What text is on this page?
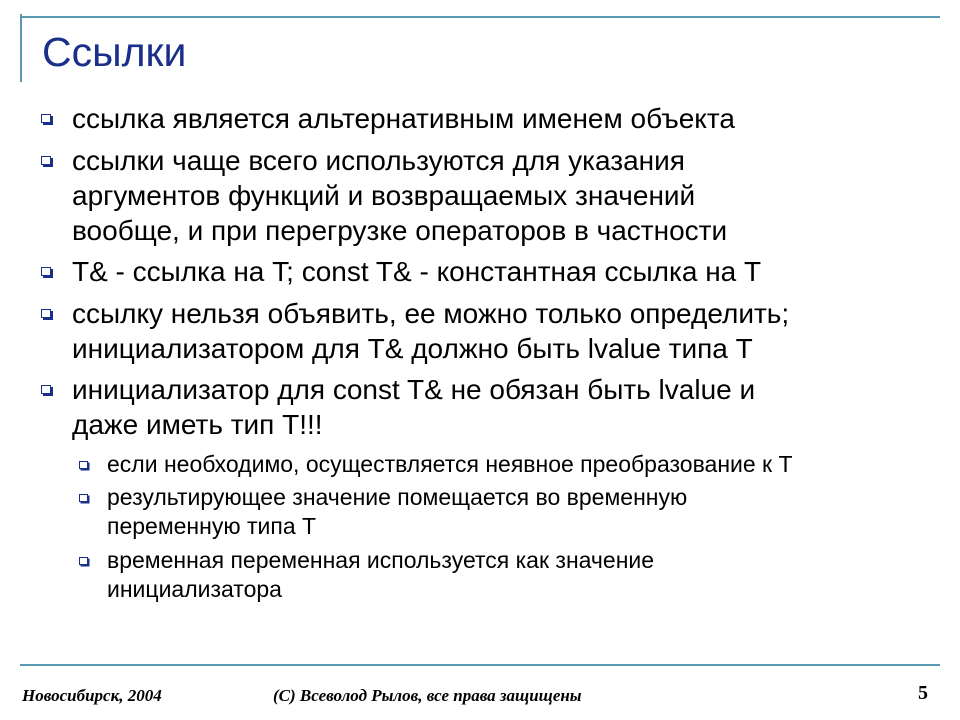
Ссылки
ссылка является альтернативным именем объекта
ссылки чаще всего используются для указания
аргументов функций и возвращаемых значений
вообще, и при перегрузке операторов в частности
T& - ссылка на T; const T& - константная ссылка на T
ссылку нельзя объявить, ее можно только определить;
инициализатором для T& должно быть lvalue типа T
инициализатор для const T& не обязан быть lvalue и
даже иметь тип T!!!
если необходимо, осуществляется неявное преобразование к T
результирующее значение помещается во временную
переменную типа T
временная переменная используется как значение
инициализатора
Новосибирск, 2004	(C) Всеволод Рылов, все права защищены	5
